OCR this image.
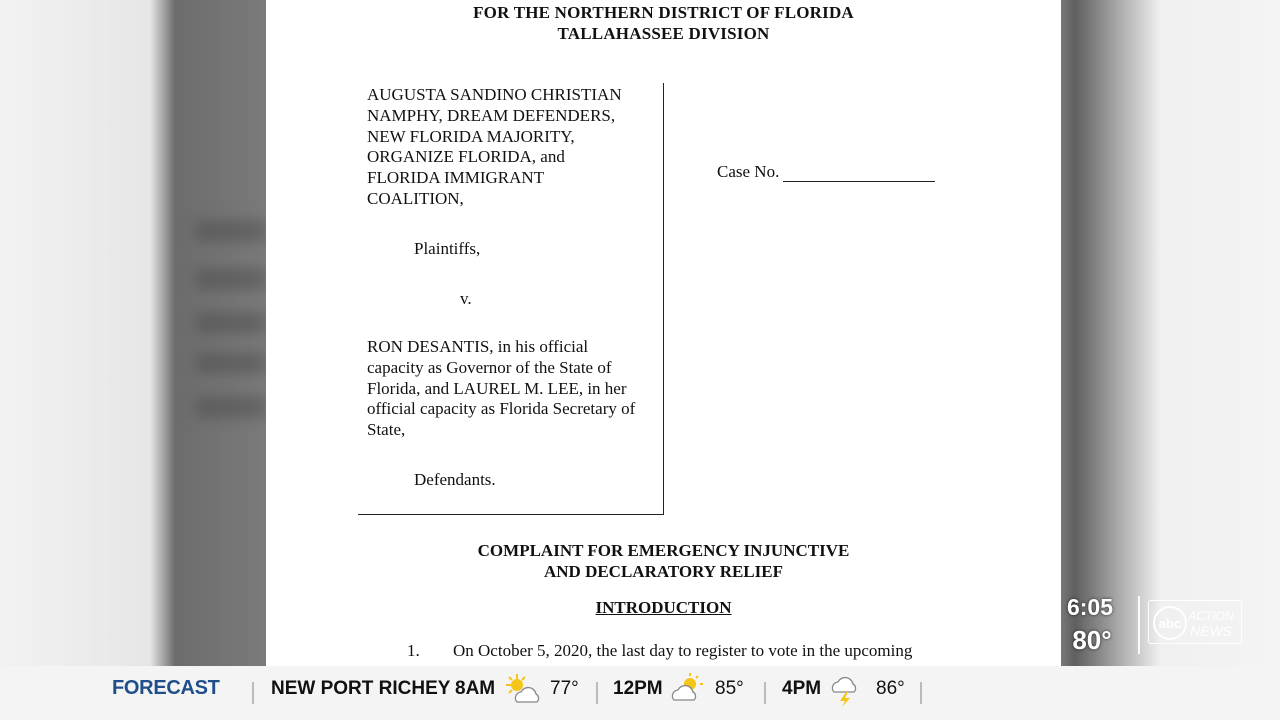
FOR THE NORTHERN DISTRICT OF FLORIDA
TALLAHASSEE DIVISION
AUGUSTA SANDINO CHRISTIAN
NAMPHY, DREAM DEFENDERS,
NEW FLORIDA MAJORITY,
ORGANIZE FLORIDA, and
FLORIDA IMMIGRANT
COALITION,
Plaintiffs,
v.
RON DESANTIS, in his official
capacity as Governor of the State of
Florida, and LAUREL M. LEE, in her
official capacity as Florida Secretary of
State,
Defendants.
Case No.
COMPLAINT FOR EMERGENCY INJUNCTIVE
AND DECLARATORY RELIEF
INTRODUCTION
1. On October 5, 2020, the last day to register to vote in the upcoming
6:05
80°
abc ACTION
NEWS
FORECAST	NEW PORT RICHEY 8AM	77° 12PM	85° 4PM	86°
